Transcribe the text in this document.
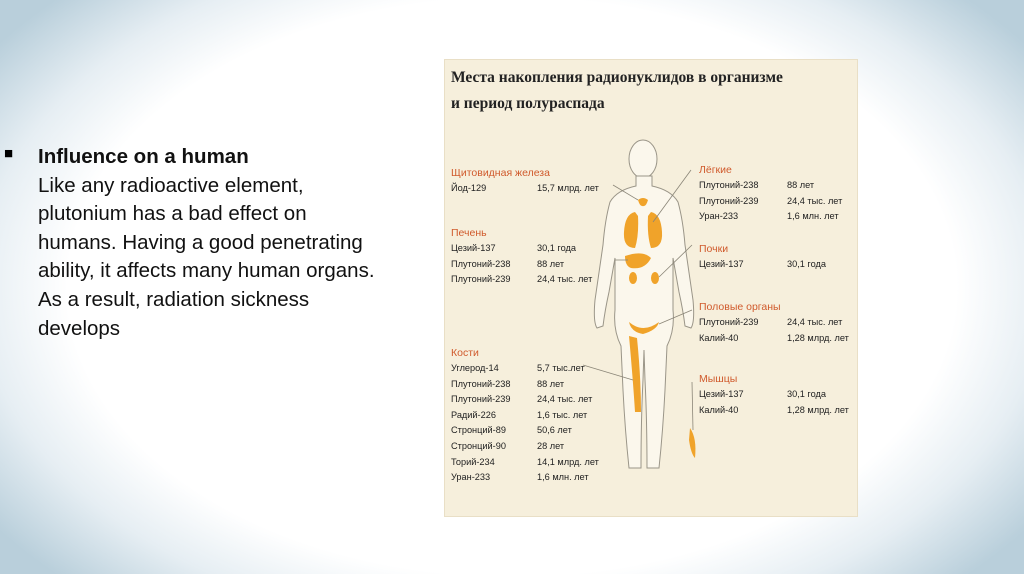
■ Influence on a human
Like any radioactive element, plutonium has a bad effect on humans. Having a good penetrating ability, it affects many human organs. As a result, radiation sickness develops
Места накопления радионуклидов в организме
и период полураспада
Щитовидная железа
Йод-129	15,7 млрд. лет
Печень
Цезий-137	30,1 года
Плутоний-238	88 лет
Плутоний-239	24,4 тыс. лет
Кости
Углерод-14	5,7 тыс.лет
Плутоний-238	88 лет
Плутоний-239	24,4 тыс. лет
Радий-226	1,6 тыс. лет
Стронций-89	50,6 лет
Стронций-90	28 лет
Торий-234	14,1 млрд. лет
Уран-233	1,6 млн. лет
Лёгкие
Плутоний-238	88 лет
Плутоний-239	24,4 тыс. лет
Уран-233	1,6 млн. лет
Почки
Цезий-137	30,1 года
Половые органы
Плутоний-239	24,4 тыс. лет
Калий-40	1,28 млрд. лет
Мышцы
Цезий-137	30,1 года
Калий-40	1,28 млрд. лет
